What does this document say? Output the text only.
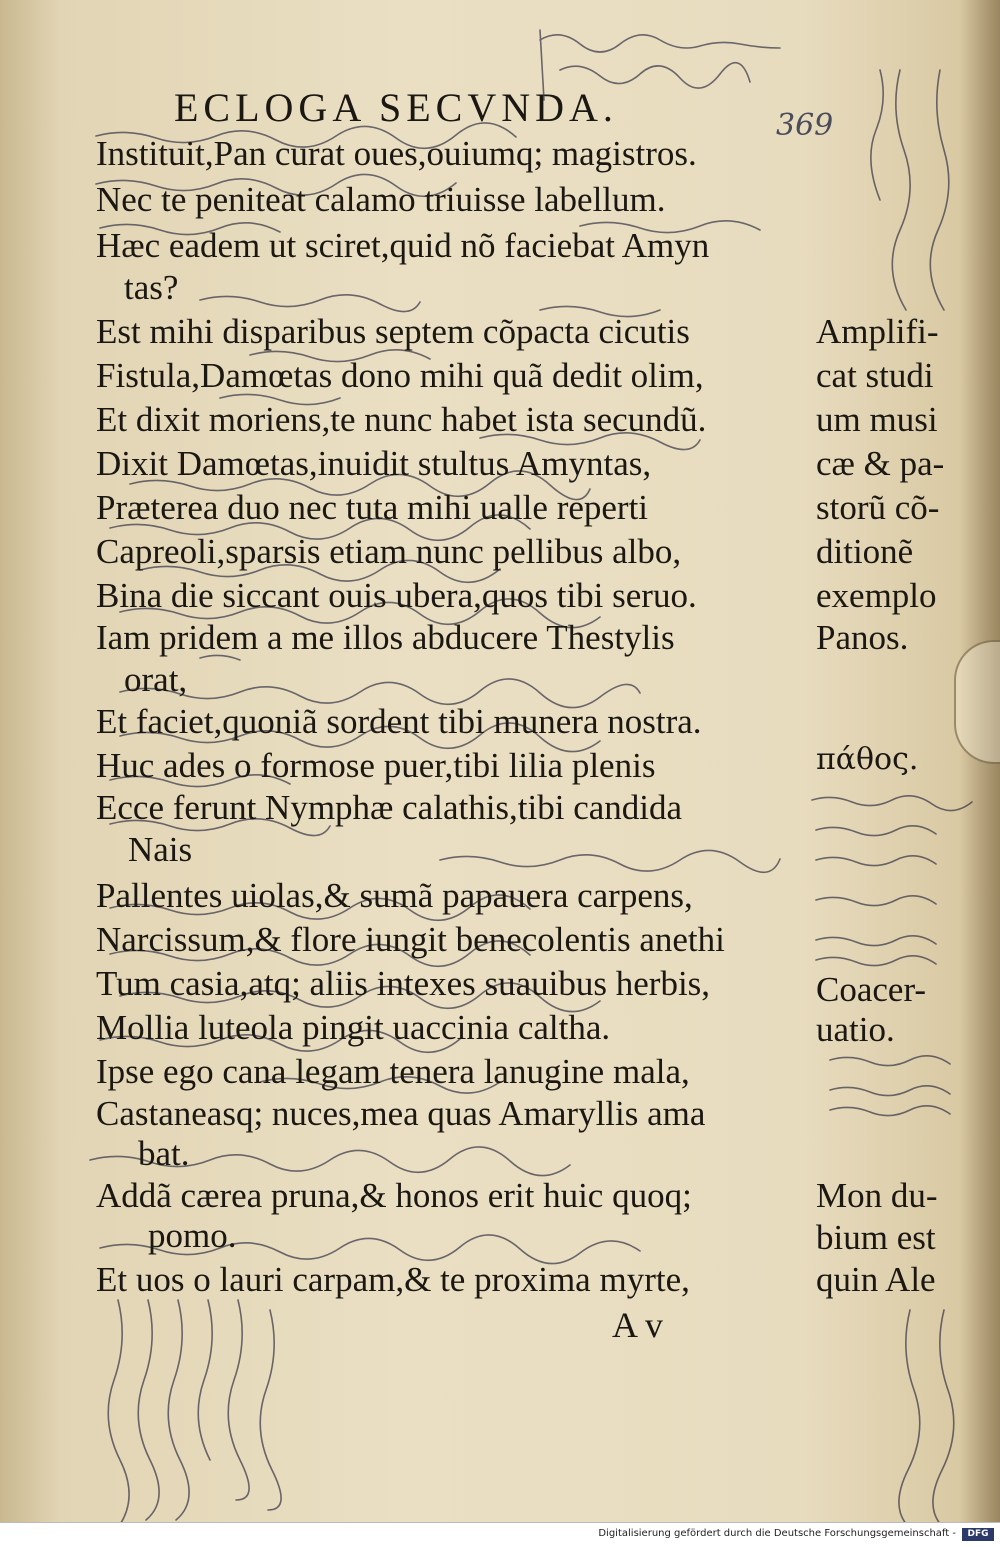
ECLOGA SECVNDA.	369
Instituit,Pan curat oues,ouiumq; magistros.
Nec te peniteat calamo triuisse labellum.
Hæc eadem ut sciret,quid nõ faciebat Amyn
tas?
Est mihi disparibus septem cõpacta cicutis
Fistula,Damœtas dono mihi quã dedit olim,
Et dixit moriens,te nunc habet ista secundũ.
Dixit Damœtas,inuidit stultus Amyntas,
Præterea duo nec tuta mihi ualle reperti
Capreoli,sparsis etiam nunc pellibus albo,
Bina die siccant ouis ubera,quos tibi seruo.
Iam pridem a me illos abducere Thestylis
orat,
Et faciet,quoniã sordent tibi munera nostra.
Huc ades o formose puer,tibi lilia plenis
Ecce ferunt Nymphæ calathis,tibi candida
Nais
Pallentes uiolas,& sumã papauera carpens,
Narcissum,& flore iungit benecolentis anethi
Tum casia,atq; aliis intexes suauibus herbis,
Mollia luteola pingit uaccinia caltha.
Ipse ego cana legam tenera lanugine mala,
Castaneasq; nuces,mea quas Amaryllis ama
bat.
Addã cærea pruna,& honos erit huic quoq;
pomo.
Et uos o lauri carpam,& te proxima myrte,
Amplifi-
cat studi
um musi
cæ & pa-
storũ cõ-
ditionẽ
exemplo
Panos.
πάθος.
Coacer-
uatio.
Mon du-
bium est
quin Ale
A v
Digitalisierung gefördert durch die Deutsche Forschungsgemeinschaft -	DFG
